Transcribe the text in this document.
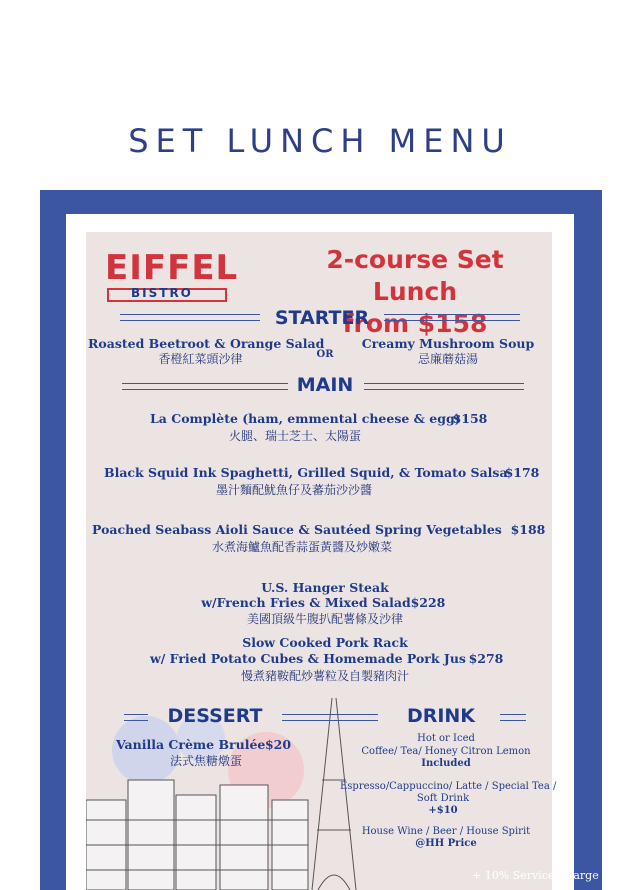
SET LUNCH MENU
EIFFEL
BISTRO
2-course Set Lunch
from $158
STARTER
Roasted Beetroot & Orange Salad
香橙紅菜頭沙律	OR
Creamy Mushroom Soup
忌廉蘑菇湯
MAIN
La Complète (ham, emmental cheese & egg)
$158
火腿、瑞士芝士、太陽蛋
Black Squid Ink Spaghetti, Grilled Squid, & Tomato Salsa
$178
墨汁麵配魷魚仔及蕃茄沙沙醬
Poached Seabass Aioli Sauce & Sautéed Spring Vegetables $188
水煮海鱸魚配香蒜蛋黃醬及炒嫩菜
U.S. Hanger Steak
w/French Fries & Mixed Salad $228
美國頂級牛腹扒配薯條及沙律
Slow Cooked Pork Rack
w/ Fried Potato Cubes & Homemade Pork Jus $278
慢煮豬鞍配炒薯粒及自製豬肉汁
DESSERT	DRINK
Vanilla Crème Brulée $20
法式焦糖燉蛋
Hot or Iced
Coffee/ Tea/ Honey Citron Lemon
Included
Espresso/Cappuccino/ Latte / Special Tea /
Soft Drink
+$10
House Wine / Beer / House Spirit
@HH Price
+ 10% Service Charge
